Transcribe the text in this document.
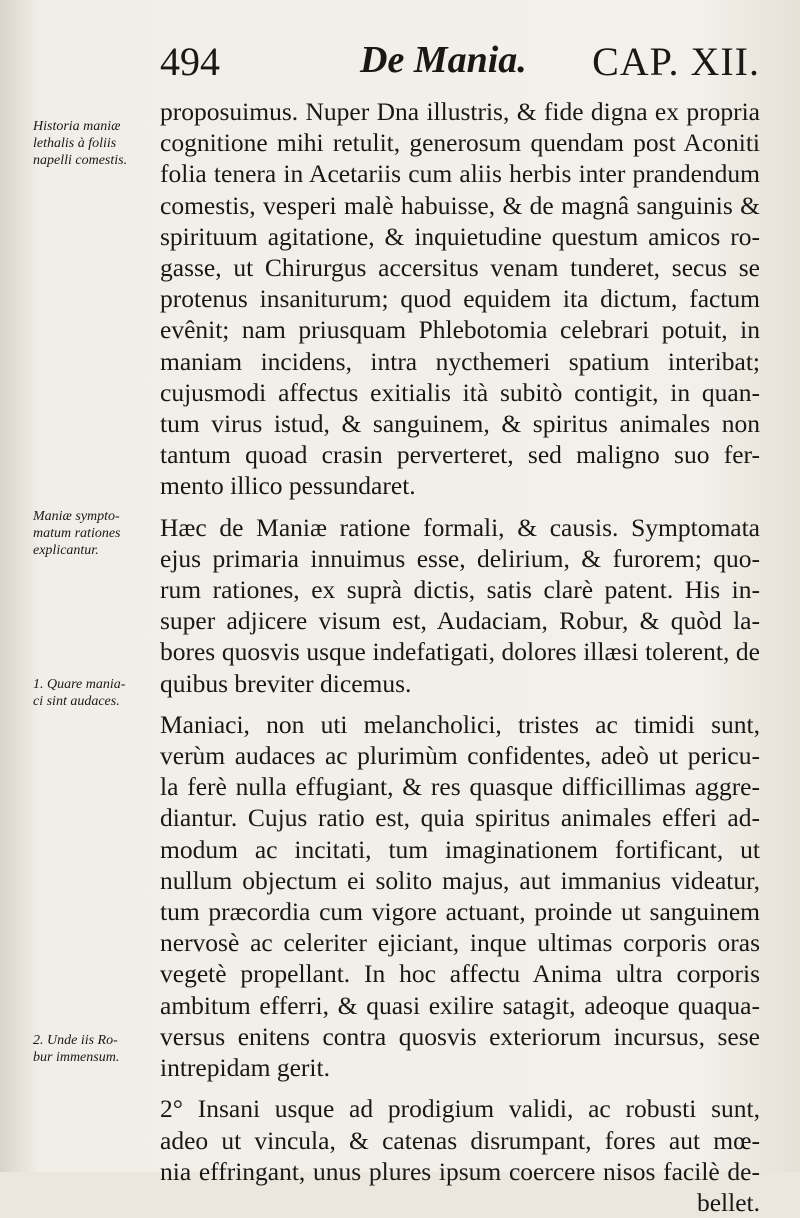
494	De Mania. CAP. XII.
Historia maniæ
lethalis à foliis
napelli comestis.
Maniæ sympto-
matum rationes
explicantur.
1. Quare mania-
ci sint audaces.
2. Unde iis Ro-
bur immensum.
proposuimus. Nuper Dna illustris, & fide digna ex propria
cognitione mihi retulit, generosum quendam post Aconiti
folia tenera in Acetariis cum aliis herbis inter prandendum
comestis, vesperi malè habuisse, & de magnâ sanguinis &
spirituum agitatione, & inquietudine questum amicos ro-
gasse, ut Chirurgus accersitus venam tunderet, secus se
protenus insaniturum; quod equidem ita dictum, factum
evênit; nam priusquam Phlebotomia celebrari potuit, in
maniam incidens, intra nycthemeri spatium interibat;
cujusmodi affectus exitialis ità subitò contigit, in quan-
tum virus istud, & sanguinem, & spiritus animales non
tantum quoad crasin perverteret, sed maligno suo fer-
mento illico pessundaret.
Hæc de Maniæ ratione formali, & causis. Symptomata
ejus primaria innuimus esse, delirium, & furorem; quo-
rum rationes, ex suprà dictis, satis clarè patent. His in-
super adjicere visum est, Audaciam, Robur, & quòd la-
bores quosvis usque indefatigati, dolores illæsi tolerent, de
quibus breviter dicemus.
Maniaci, non uti melancholici, tristes ac timidi sunt,
verùm audaces ac plurimùm confidentes, adeò ut pericu-
la ferè nulla effugiant, & res quasque difficillimas aggre-
diantur. Cujus ratio est, quia spiritus animales efferi ad-
modum ac incitati, tum imaginationem fortificant, ut
nullum objectum ei solito majus, aut immanius videatur,
tum præcordia cum vigore actuant, proinde ut sanguinem
nervosè ac celeriter ejiciant, inque ultimas corporis oras
vegetè propellant. In hoc affectu Anima ultra corporis
ambitum efferri, & quasi exilire satagit, adeoque quaqua-
versus enitens contra quosvis exteriorum incursus, sese
intrepidam gerit.
2° Insani usque ad prodigium validi, ac robusti sunt,
adeo ut vincula, & catenas disrumpant, fores aut mœ-
nia effringant, unus plures ipsum coercere nisos facilè de-
bellet.
